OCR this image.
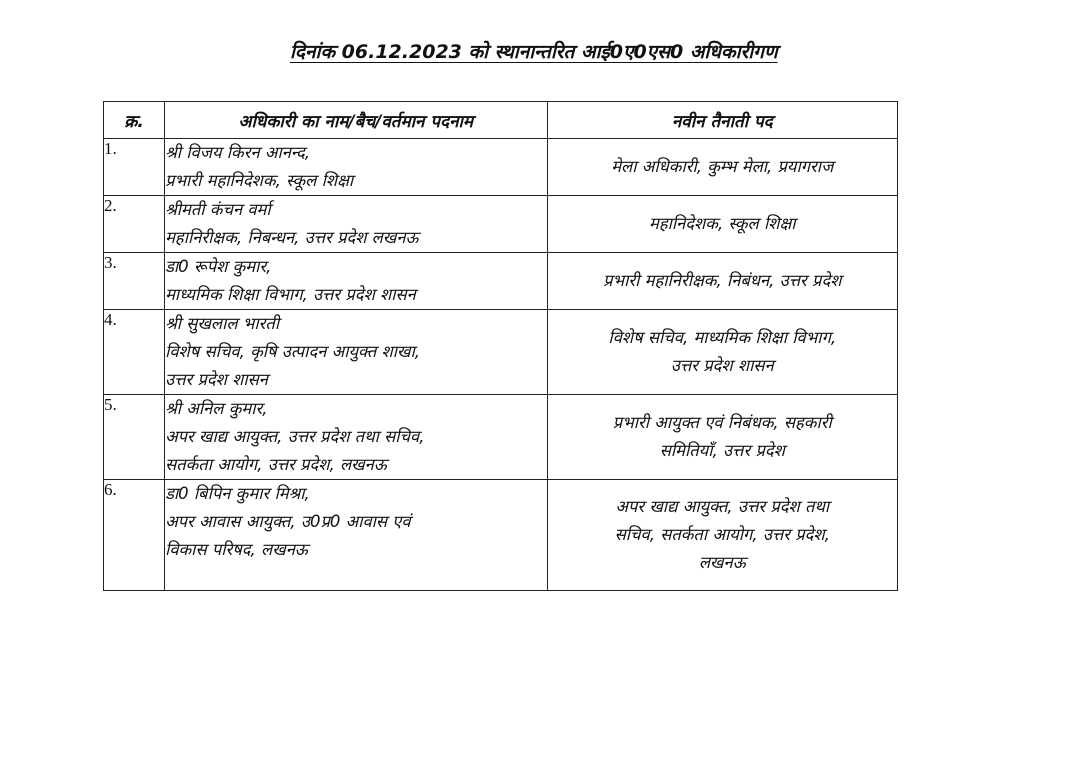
दिनांक 06.12.2023 को स्थानान्तरित आई0ए0एस0 अधिकारीगण
क्र.	अधिकारी का नाम/बैच/वर्तमान पदनाम	नवीन तैनाती पद
1.	श्री विजय किरन आनन्द,
प्रभारी महानिदेशक, स्कूल शिक्षा	मेला अधिकारी, कुम्भ मेला, प्रयागराज

2.	श्रीमती कंचन वर्मा
महानिरीक्षक, निबन्धन, उत्तर प्रदेश लखनऊ	महानिदेशक, स्कूल शिक्षा

3.	डा0 रूपेश कुमार,
माध्यमिक शिक्षा विभाग, उत्तर प्रदेश शासन	प्रभारी महानिरीक्षक, निबंधन, उत्तर प्रदेश

4.	श्री सुखलाल भारती
विशेष सचिव, कृषि उत्पादन आयुक्त शाखा,
उत्तर प्रदेश शासन	विशेष सचिव, माध्यमिक शिक्षा विभाग,
उत्तर प्रदेश शासन

5.	श्री अनिल कुमार,
अपर खाद्य आयुक्त, उत्तर प्रदेश तथा सचिव,
सतर्कता आयोग, उत्तर प्रदेश, लखनऊ	प्रभारी आयुक्त एवं निबंधक, सहकारी
समितियाँ, उत्तर प्रदेश

6.	डा0 बिपिन कुमार मिश्रा,
अपर आवास आयुक्त, उ0प्र0 आवास एवं
विकास परिषद, लखनऊ	अपर खाद्य आयुक्त, उत्तर प्रदेश तथा
सचिव, सतर्कता आयोग, उत्तर प्रदेश,
लखनऊ
